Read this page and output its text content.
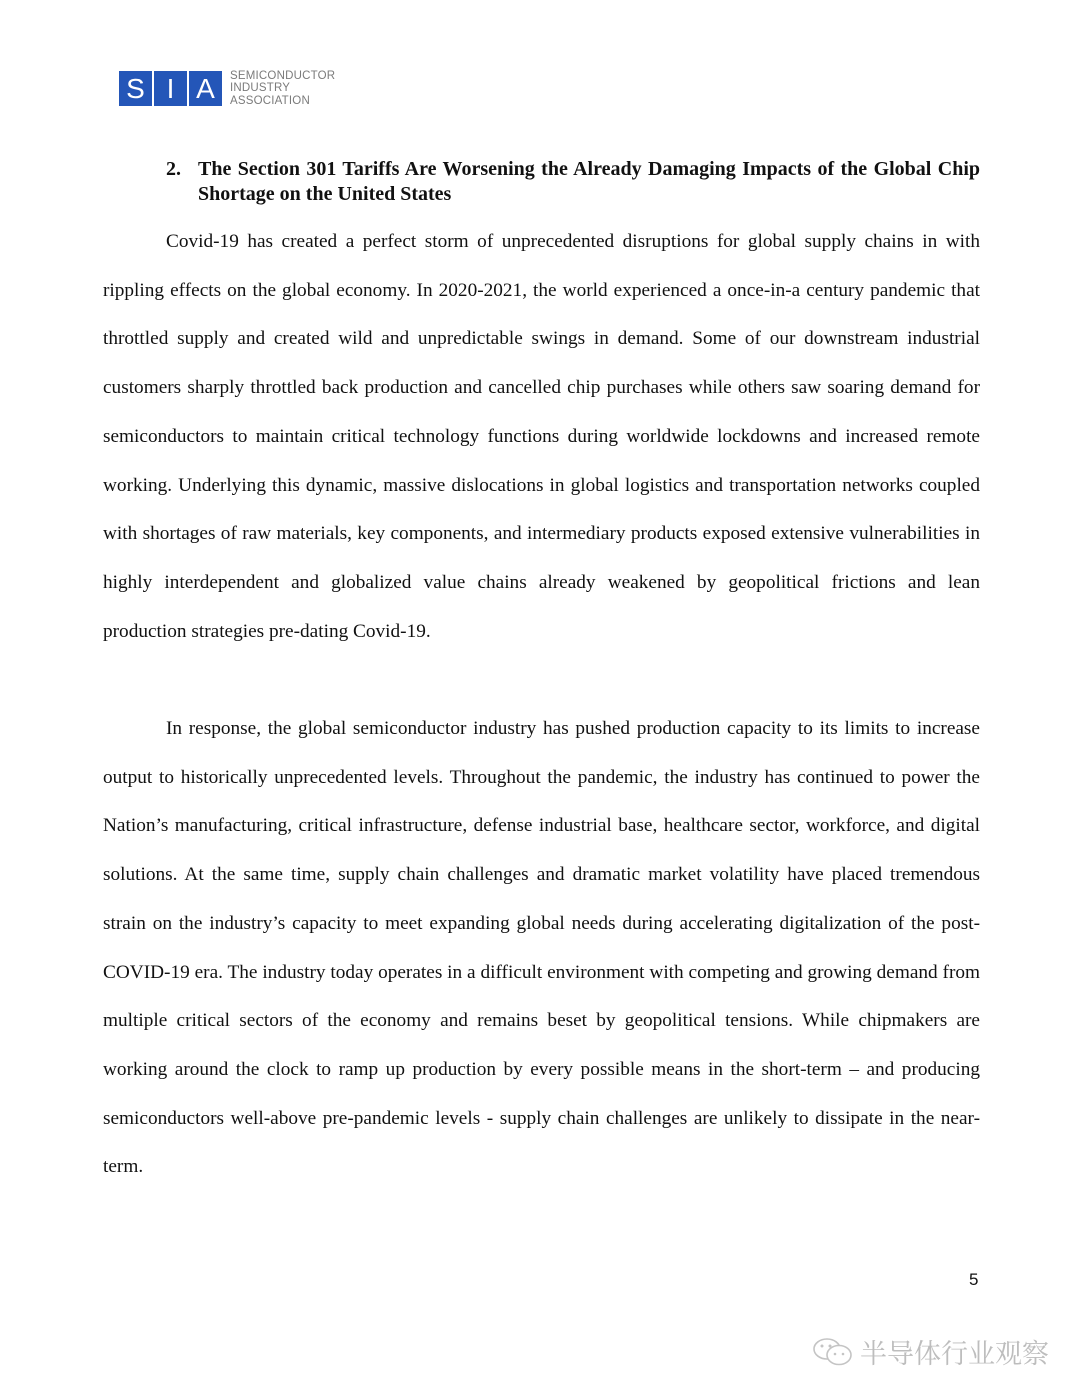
S I A	SEMICONDUCTOR
INDUSTRY
ASSOCIATION
2. The Section 301 Tariffs Are Worsening the Already Damaging Impacts of the Global Chip Shortage on the United States
Covid-19 has created a perfect storm of unprecedented disruptions for global supply chains in with rippling effects on the global economy. In 2020-2021, the world experienced a once-in-a century pandemic that throttled supply and created wild and unpredictable swings in demand. Some of our downstream industrial customers sharply throttled back production and cancelled chip purchases while others saw soaring demand for semiconductors to maintain critical technology functions during worldwide lockdowns and increased remote working. Underlying this dynamic, massive dislocations in global logistics and transportation networks coupled with shortages of raw materials, key components, and intermediary products exposed extensive vulnerabilities in highly interdependent and globalized value chains already weakened by geopolitical frictions and lean production strategies pre-dating Covid-19.
In response, the global semiconductor industry has pushed production capacity to its limits to increase output to historically unprecedented levels. Throughout the pandemic, the industry has continued to power the Nation’s manufacturing, critical infrastructure, defense industrial base, healthcare sector, workforce, and digital solutions. At the same time, supply chain challenges and dramatic market volatility have placed tremendous strain on the industry’s capacity to meet expanding global needs during accelerating digitalization of the post-COVID-19 era. The industry today operates in a difficult environment with competing and growing demand from multiple critical sectors of the economy and remains beset by geopolitical tensions. While chipmakers are working around the clock to ramp up production by every possible means in the short-term – and producing semiconductors well-above pre-pandemic levels - supply chain challenges are unlikely to dissipate in the near-term.
5
半导体行业观察
